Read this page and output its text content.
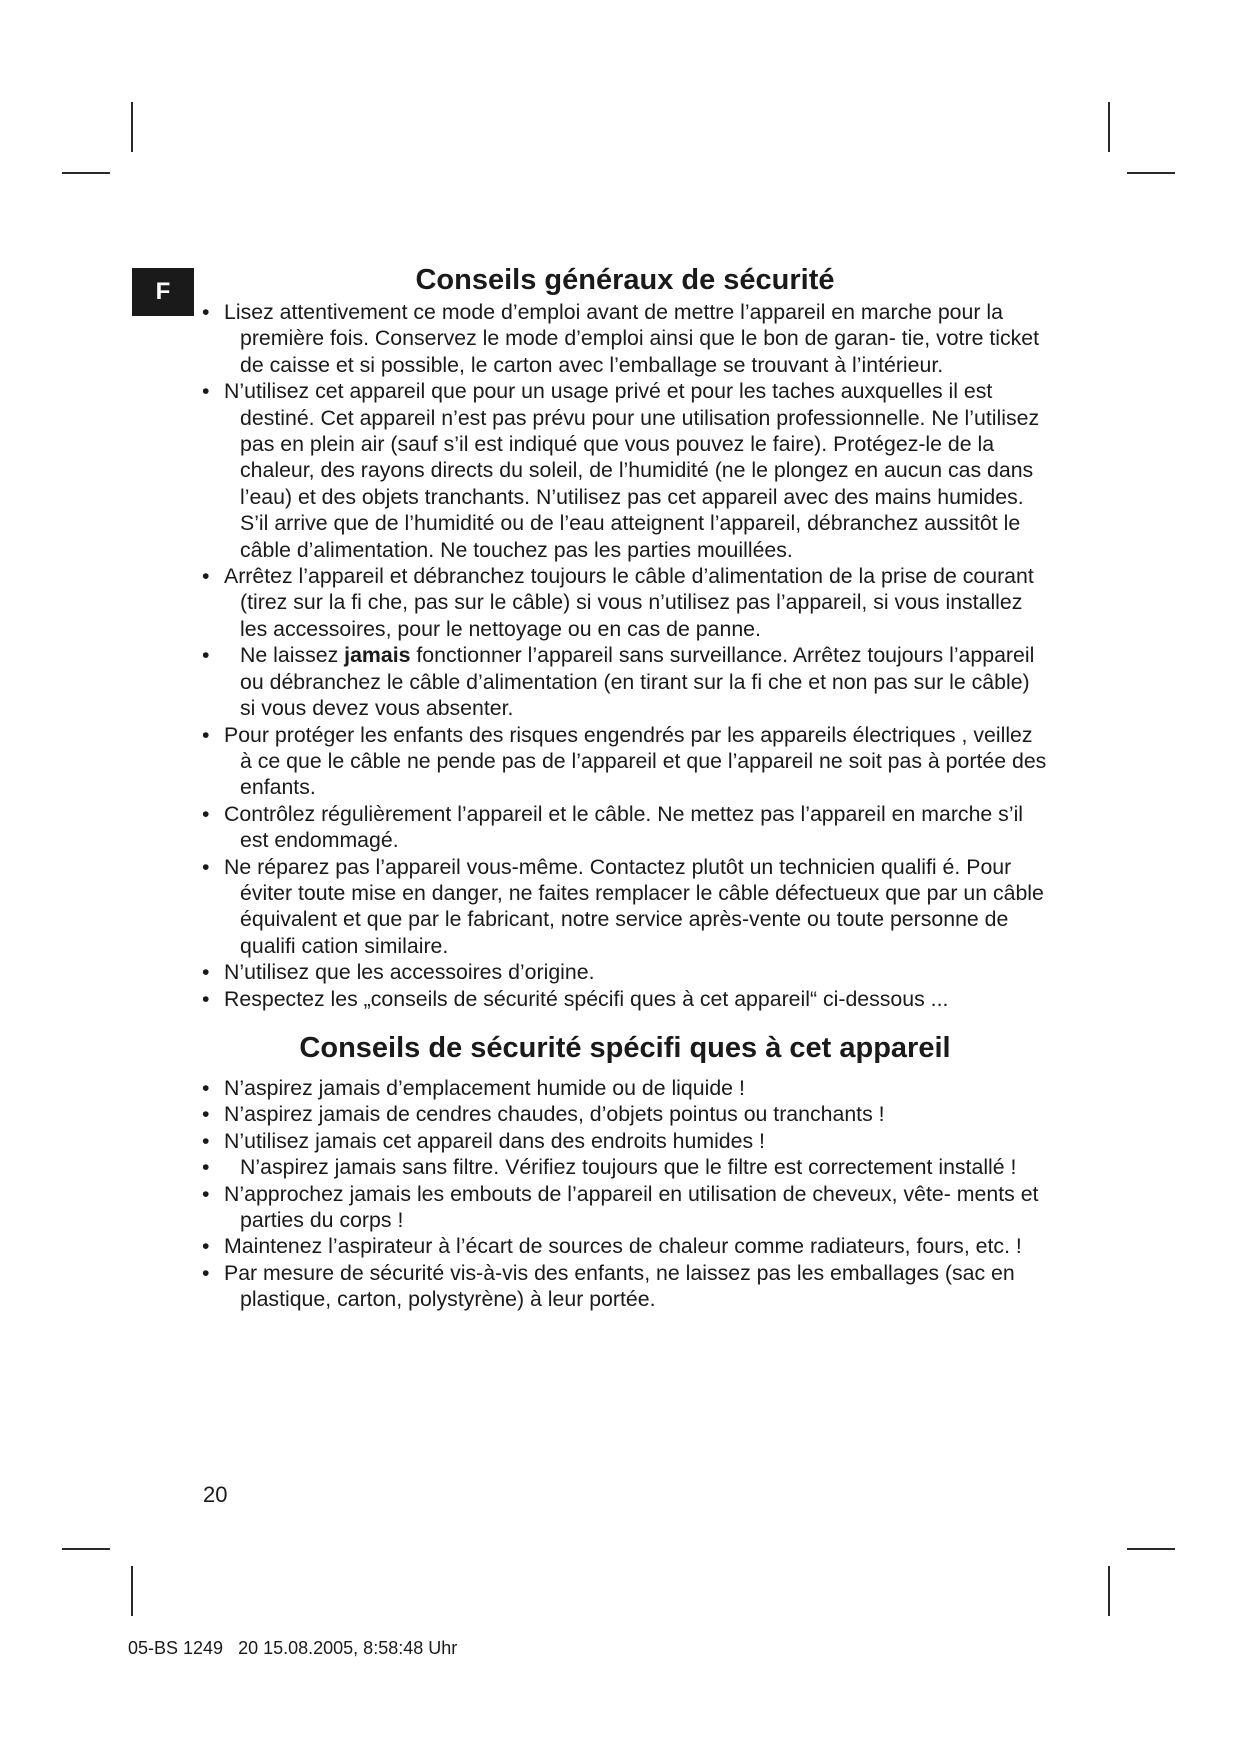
F	Conseils généraux de sécurité
• Lisez attentivement ce mode d’emploi avant de mettre l’appareil en marche pour la première fois. Conservez le mode d’emploi ainsi que le bon de garan- tie, votre ticket de caisse et si possible, le carton avec l’emballage se trouvant à l’intérieur.
• N’utilisez cet appareil que pour un usage privé et pour les taches auxquelles il est destiné. Cet appareil n’est pas prévu pour une utilisation professionnelle. Ne l’utilisez pas en plein air (sauf s’il est indiqué que vous pouvez le faire). Protégez-le de la chaleur, des rayons directs du soleil, de l’humidité (ne le plongez en aucun cas dans l’eau) et des objets tranchants. N’utilisez pas cet appareil avec des mains humides. S’il arrive que de l’humidité ou de l’eau atteignent l’appareil, débranchez aussitôt le câble d’alimentation. Ne touchez pas les parties mouillées.
• Arrêtez l’appareil et débranchez toujours le câble d’alimentation de la prise de courant (tirez sur la fi che, pas sur le câble) si vous n’utilisez pas l’appareil, si vous installez les accessoires, pour le nettoyage ou en cas de panne.
•	Ne laissez jamais fonctionner l’appareil sans surveillance. Arrêtez toujours l’appareil ou débranchez le câble d’alimentation (en tirant sur la fi che et non pas sur le câble) si vous devez vous absenter.
• Pour protéger les enfants des risques engendrés par les appareils électriques , veillez à ce que le câble ne pende pas de l’appareil et que l’appareil ne soit pas à portée des enfants.
• Contrôlez régulièrement l’appareil et le câble. Ne mettez pas l’appareil en marche s’il est endommagé.
• Ne réparez pas l’appareil vous-même. Contactez plutôt un technicien qualifi é. Pour éviter toute mise en danger, ne faites remplacer le câble défectueux que par un câble équivalent et que par le fabricant, notre service après-vente ou toute personne de qualifi cation similaire.
• N’utilisez que les accessoires d’origine.
• Respectez les „conseils de sécurité spécifi ques à cet appareil“ ci-dessous ...
Conseils de sécurité spécifi ques à cet appareil
• N’aspirez jamais d’emplacement humide ou de liquide !
• N’aspirez jamais de cendres chaudes, d’objets pointus ou tranchants !
• N’utilisez jamais cet appareil dans des endroits humides !
•	N’aspirez jamais sans filtre. Vérifiez toujours que le filtre est correctement installé !
• N’approchez jamais les embouts de l’appareil en utilisation de cheveux, vête- ments et parties du corps !
• Maintenez l’aspirateur à l’écart de sources de chaleur comme radiateurs, fours, etc. !
• Par mesure de sécurité vis-à-vis des enfants, ne laissez pas les emballages (sac en plastique, carton, polystyrène) à leur portée.
20
05-BS 1249   20 15.08.2005, 8:58:48 Uhr
